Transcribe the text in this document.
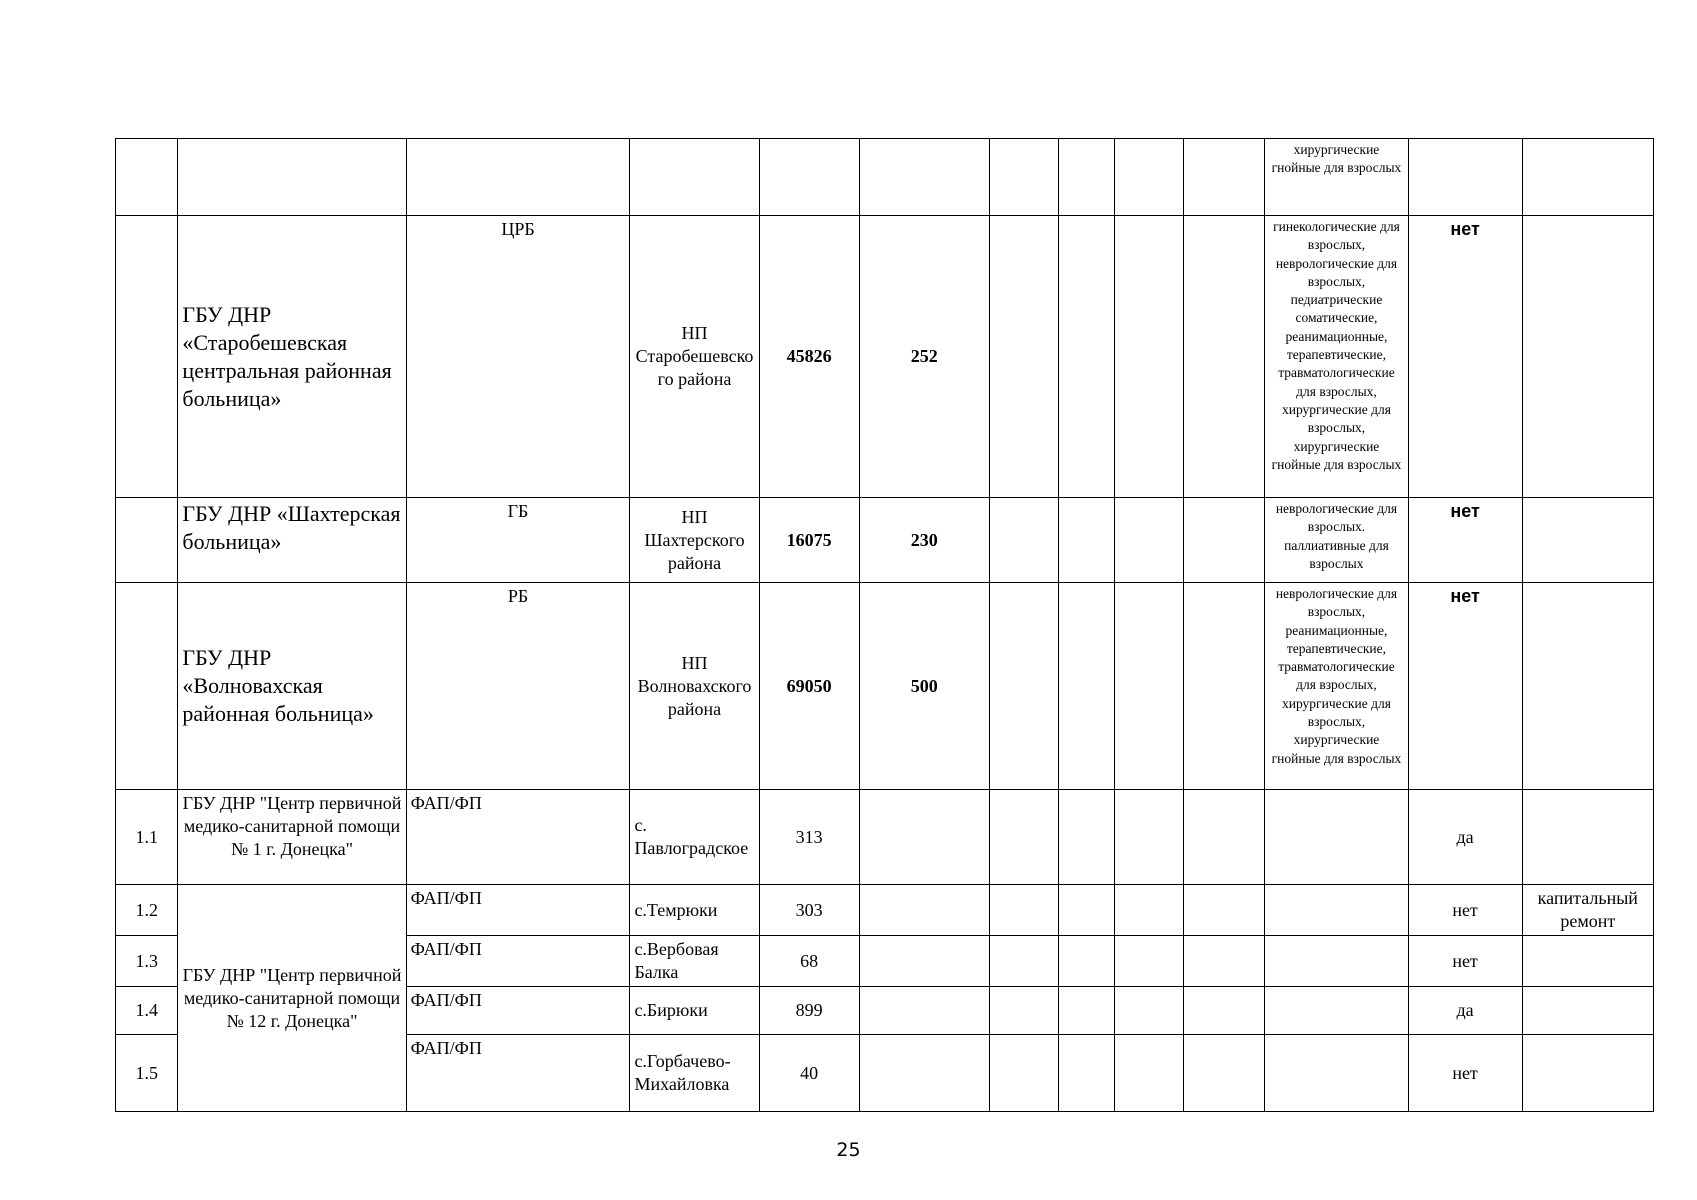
										хирургические гнойные для взрослых		
	ГБУ ДНР «Старобешевская центральная районная больница»	ЦРБ	НП Старобешевского района	45826	252					гинекологические для взрослых, неврологические для взрослых, педиатрические соматические, реанимационные, терапевтические, травматологические для взрослых, хирургические для взрослых, хирургические гнойные для взрослых	нет	
	ГБУ ДНР «Шахтерская больница»	ГБ	НП Шахтерского района	16075	230					неврологические для взрослых. паллиативные для взрослых	нет	
	ГБУ ДНР «Волновахская районная больница»	РБ	НП Волновахского района	69050	500					неврологические для взрослых, реанимационные, терапевтические, травматологические для взрослых, хирургические для взрослых, хирургические гнойные для взрослых	нет	
1.1	ГБУ ДНР "Центр первичной медико-санитарной помощи № 1 г. Донецка"	ФАП/ФП	с. Павлоградское	313							да	
1.2	ГБУ ДНР "Центр первичной медико-санитарной помощи № 12 г. Донецка"	ФАП/ФП	с.Темрюки	303							нет	капитальный ремонт
1.3		ФАП/ФП	с.Вербовая Балка	68							нет	
1.4		ФАП/ФП	с.Бирюки	899							да	
1.5		ФАП/ФП	с.Горбачево-Михайловка	40							нет	
25
